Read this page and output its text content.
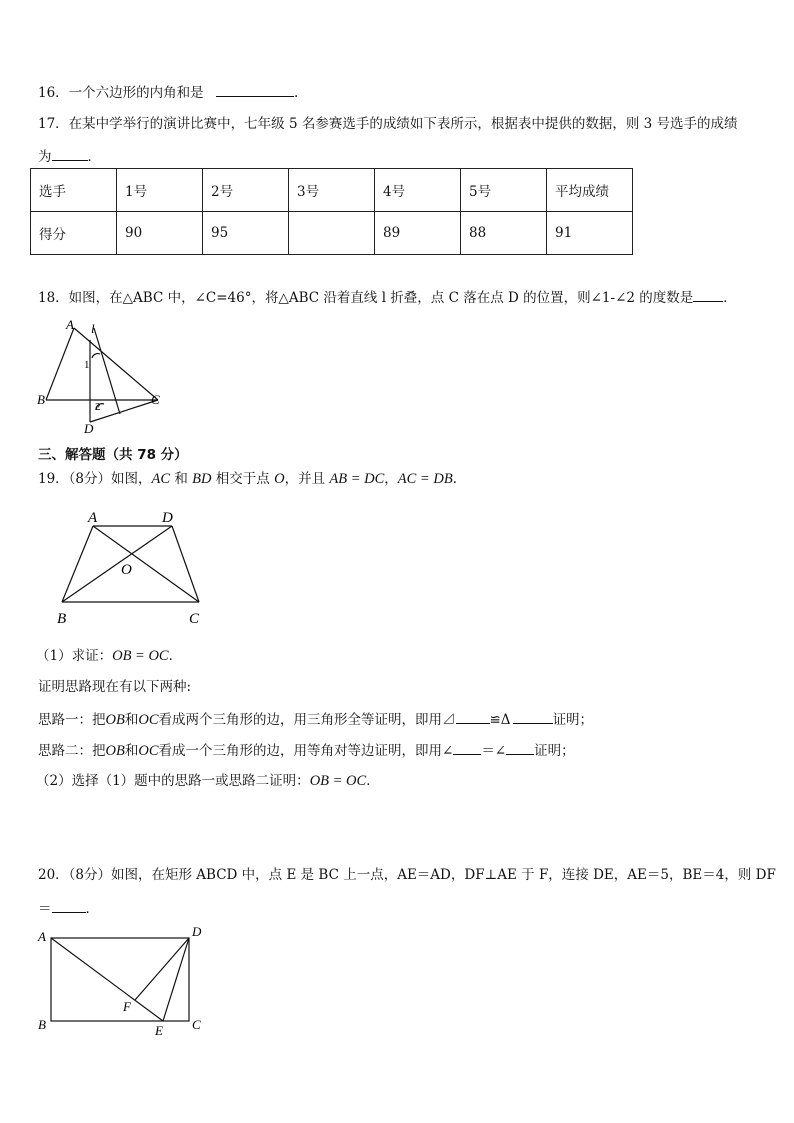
16．一个六边形的内角和是	.
17．在某中学举行的演讲比赛中，七年级 5 名参赛选手的成绩如下表所示，根据表中提供的数据，则 3 号选手的成绩
为	．
选手	1号	2号	3号	4号	5号	平均成绩
得分	90	95		89	88	91
18．如图，在△ABC 中，∠C=46°，将△ABC 沿着直线 l 折叠，点 C 落在点 D 的位置，则∠1-∠2 的度数是 ．
A l
1
B	2	C
D
三、解答题（共 78 分）
19．（8分）如图，AC 和 BD 相交于点 O，并且 AB = DC，AC = DB．
A	D
O
B	C
（1）求证：OB = OC．
证明思路现在有以下两种:
思路一：把OB和OC看成两个三角形的边，用三角形全等证明，即用⊿	≌Δ	证明；
思路二：把OB和OC看成一个三角形的边，用等角对等边证明，即用∠ ＝∠ 证明；
（2）选择（1）题中的思路一或思路二证明：OB = OC．
20．（8分）如图，在矩形 ABCD 中，点 E 是 BC 上一点，AE＝AD，DF⊥AE 于 F，连接 DE，AE＝5，BE＝4，则 DF
＝	．
A	D
F
B	E C
